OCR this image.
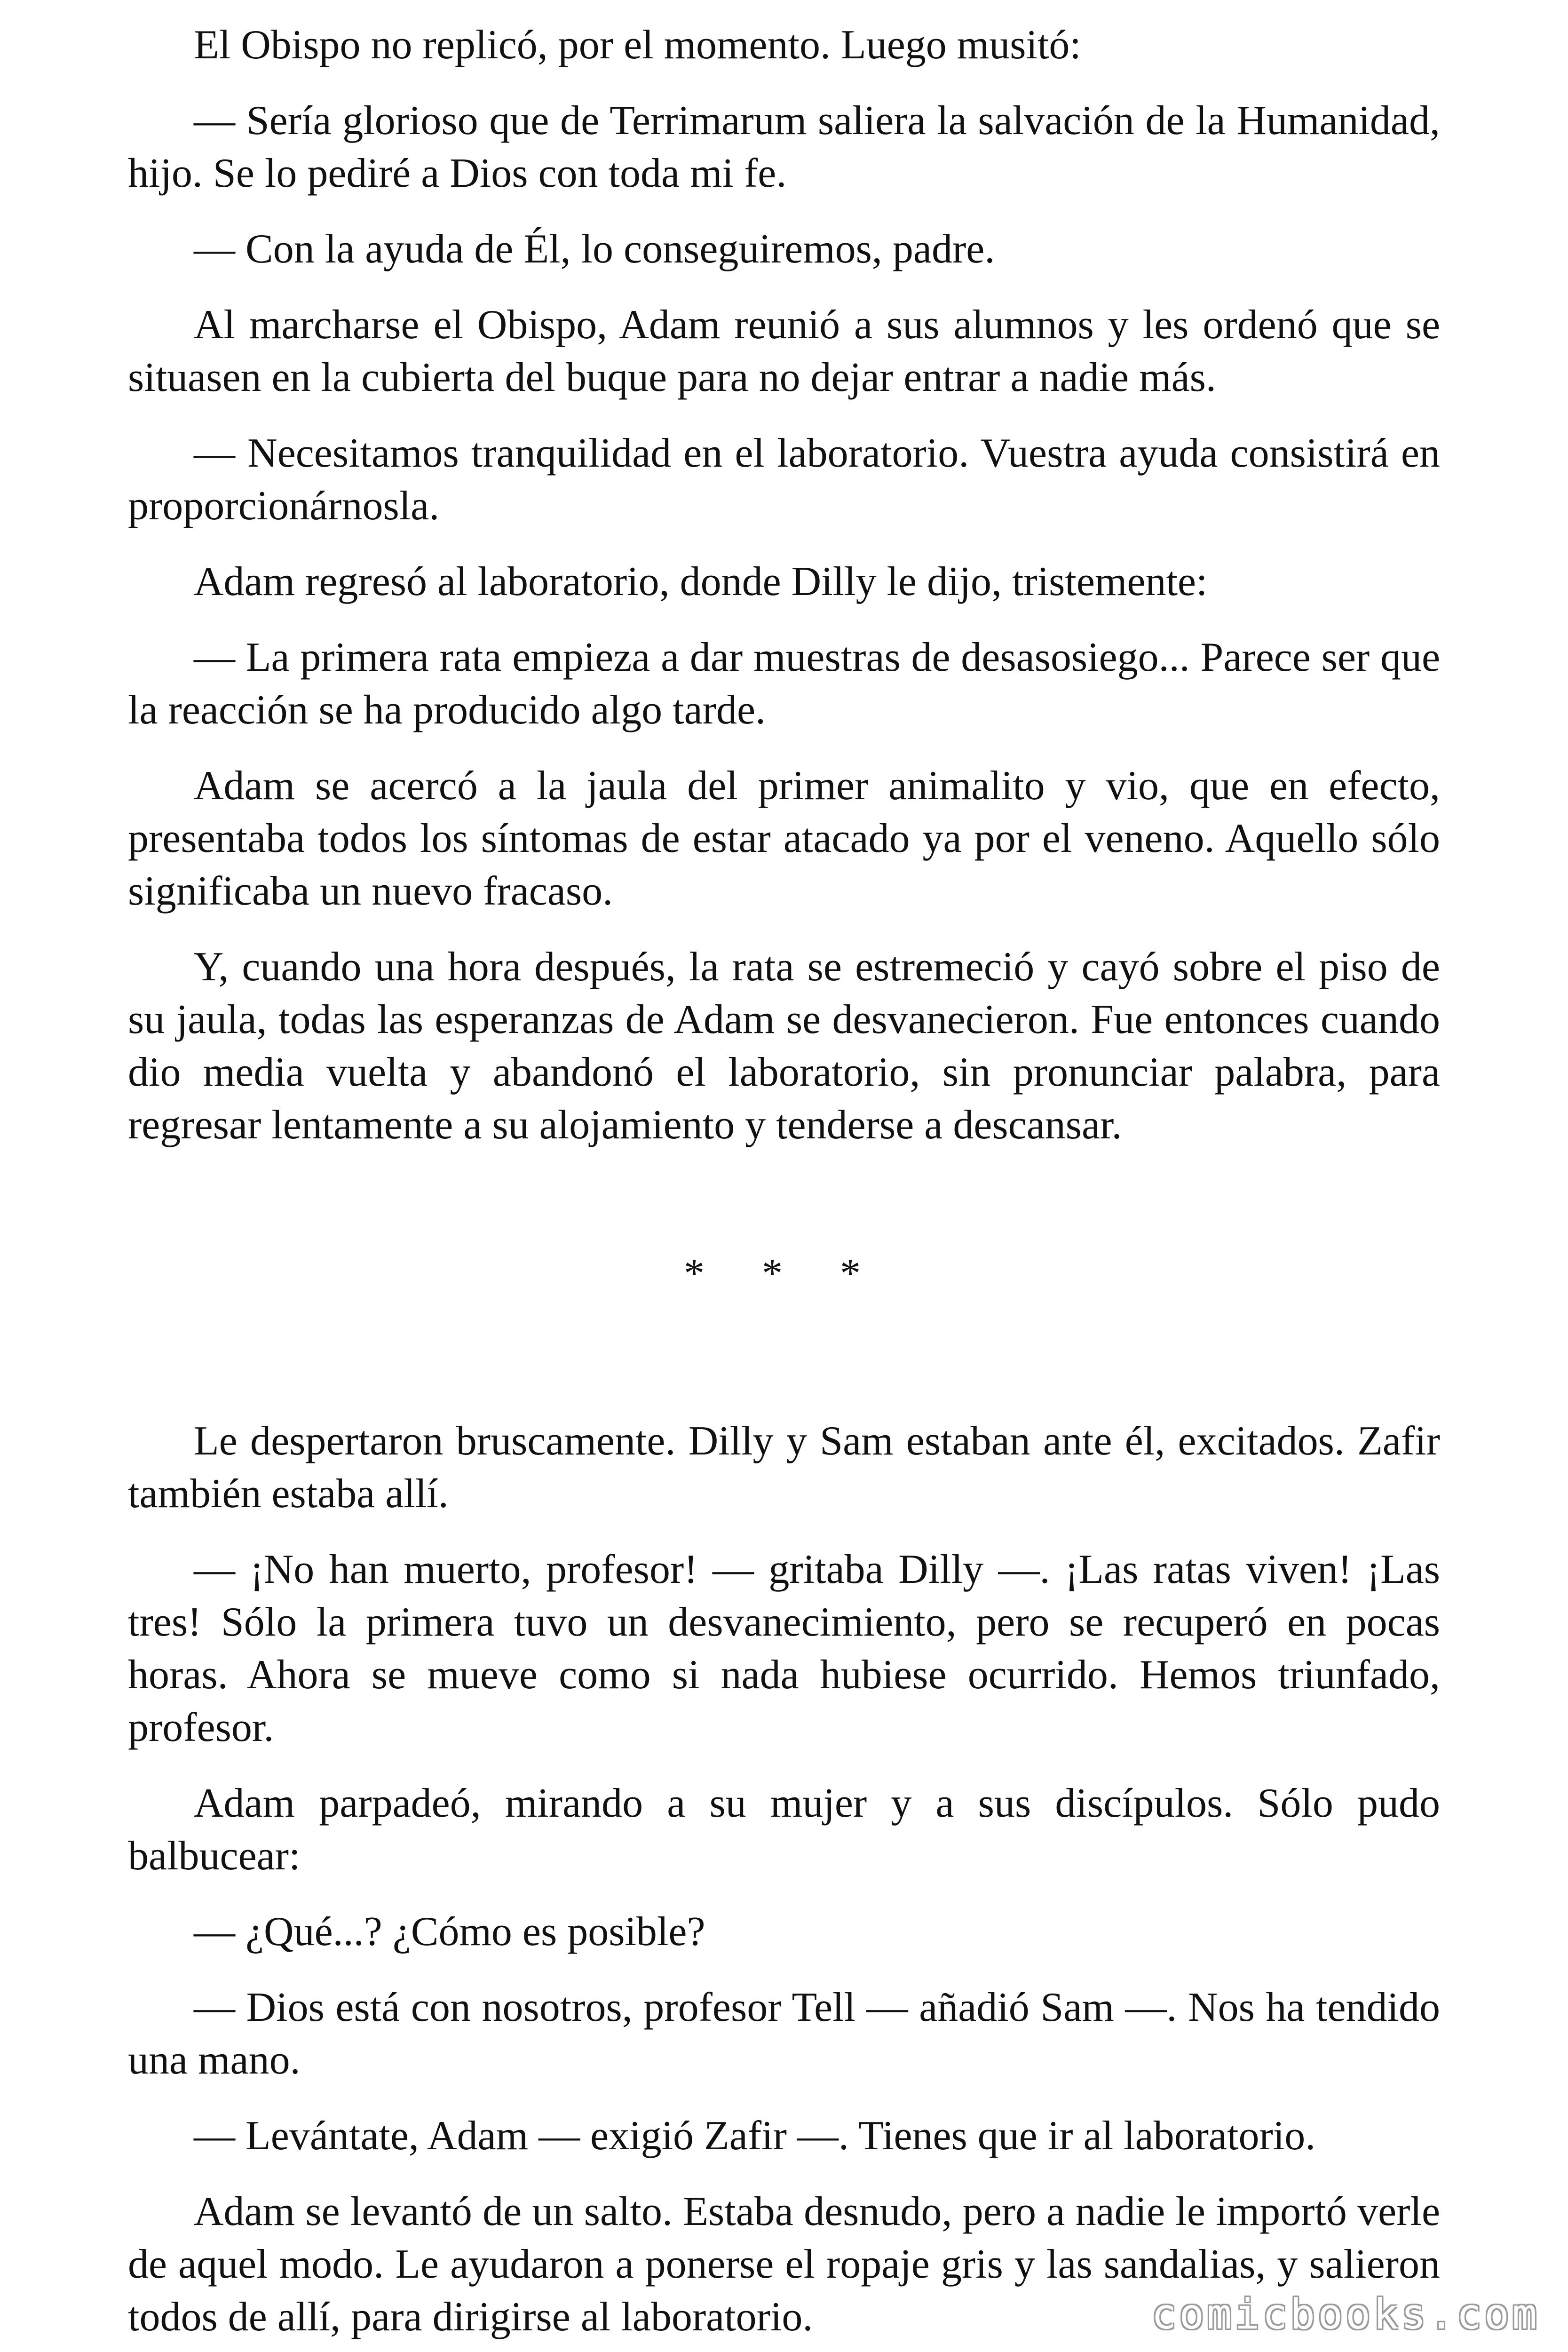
El Obispo no replicó, por el momento. Luego musitó:

— Sería glorioso que de Terrimarum saliera la salvación de la Humanidad, hijo. Se lo pediré a Dios con toda mi fe.

— Con la ayuda de Él, lo conseguiremos, padre.

Al marcharse el Obispo, Adam reunió a sus alumnos y les ordenó que se situasen en la cubierta del buque para no dejar entrar a nadie más.

— Necesitamos tranquilidad en el laboratorio. Vuestra ayuda consistirá en proporcionárnosla.

Adam regresó al laboratorio, donde Dilly le dijo, tristemente:

— La primera rata empieza a dar muestras de desasosiego... Parece ser que la reacción se ha producido algo tarde.

Adam se acercó a la jaula del primer animalito y vio, que en efecto, presentaba todos los síntomas de estar atacado ya por el veneno. Aquello sólo significaba un nuevo fracaso.

Y, cuando una hora después, la rata se estremeció y cayó sobre el piso de su jaula, todas las esperanzas de Adam se desvanecieron. Fue entonces cuando dio media vuelta y abandonó el laboratorio, sin pronunciar palabra, para regresar lentamente a su alojamiento y tenderse a descansar.

* * *

Le despertaron bruscamente. Dilly y Sam estaban ante él, excitados. Zafir también estaba allí.

— ¡No han muerto, profesor! — gritaba Dilly —. ¡Las ratas viven! ¡Las tres! Sólo la primera tuvo un desvanecimiento, pero se recuperó en pocas horas. Ahora se mueve como si nada hubiese ocurrido. Hemos triunfado, profesor.

Adam parpadeó, mirando a su mujer y a sus discípulos. Sólo pudo balbucear:

— ¿Qué...? ¿Cómo es posible?

— Dios está con nosotros, profesor Tell — añadió Sam —. Nos ha tendido una mano.

— Levántate, Adam — exigió Zafir —. Tienes que ir al laboratorio.

Adam se levantó de un salto. Estaba desnudo, pero a nadie le importó verle de aquel modo. Le ayudaron a ponerse el ropaje gris y las sandalias, y salieron todos de allí, para dirigirse al laboratorio.	comicbooks.com
